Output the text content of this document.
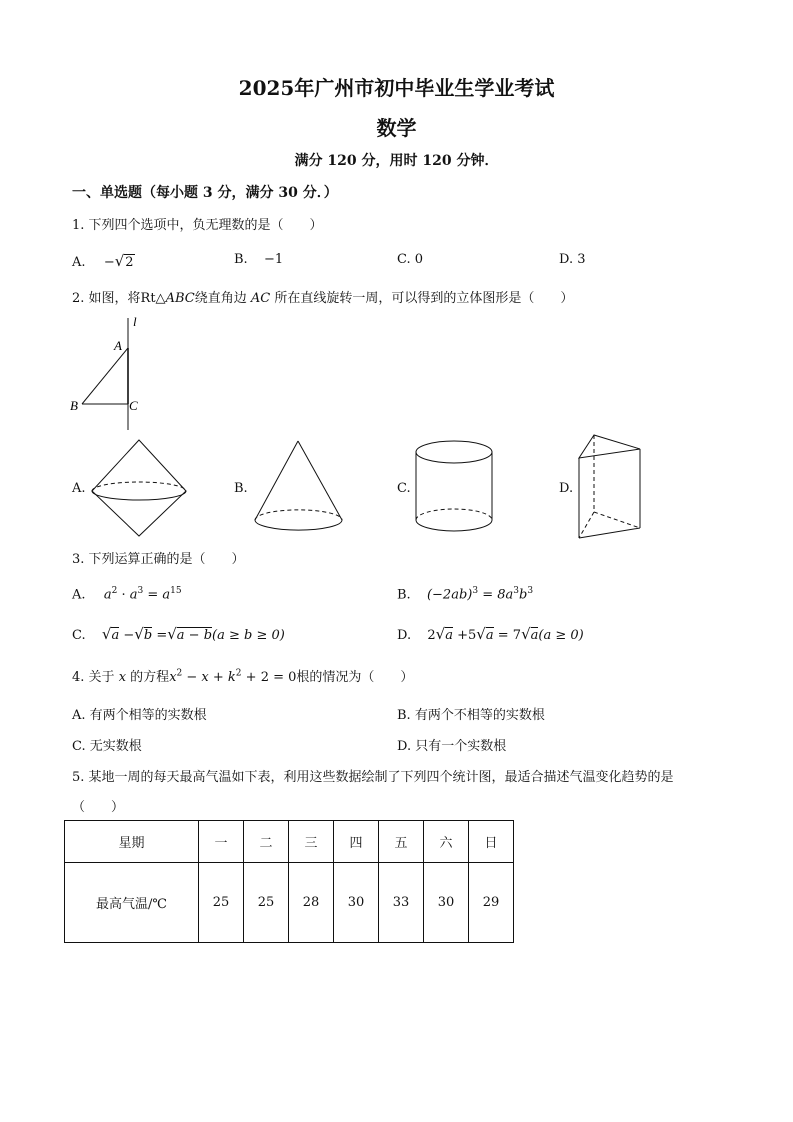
2025年广州市初中毕业生学业考试
数学
满分 120 分，用时 120 分钟．
一、单选题（每小题 3 分，满分 30 分．）
1. 下列四个选项中，负无理数的是（　　）
A. −√2	B. −1	C. 0	D. 3
2. 如图，将Rt△ABC绕直角边 AC 所在直线旋转一周，可以得到的立体图形是（　　）
l
A
B	C
A.	B.	C.	D.
3. 下列运算正确的是（　　）
A. $a^2 \cdot a^3 = a^{15}$	B. $(-2ab)^3 = 8a^3b^3$
C. √a −√b =√a − b(a ≥ b ≥ 0)	D. 2√a +5√a = 7√a(a ≥ 0)
4. 关于 x 的方程$x^2 - x + k^2 + 2 = 0$根的情况为（　　）
A. 有两个相等的实数根	B. 有两个不相等的实数根
C. 无实数根	D. 只有一个实数根
5. 某地一周的每天最高气温如下表，利用这些数据绘制了下列四个统计图，最适合描述气温变化趋势的是
（　　）
星期	一	二	三	四	五	六	日
最高气温/℃	25	25	28	30	33	30	29
